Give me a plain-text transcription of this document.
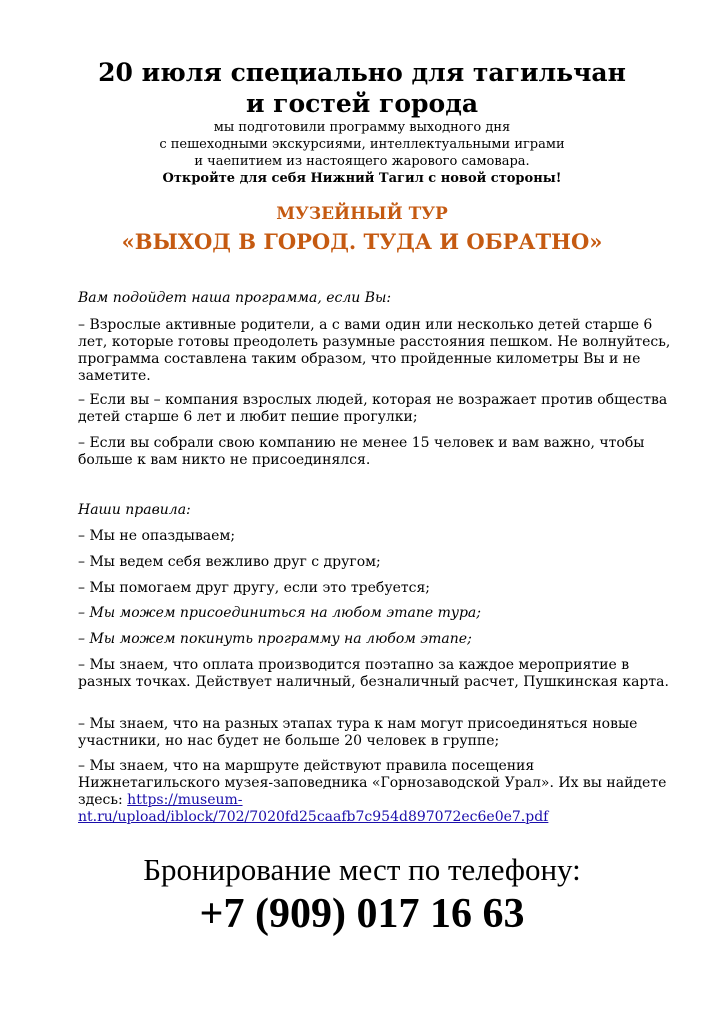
20 июля специально для тагильчан
и гостей города
мы подготовили программу выходного дня
с пешеходными экскурсиями, интеллектуальными играми
и чаепитием из настоящего жарового самовара.
Откройте для себя Нижний Тагил с новой стороны!
МУЗЕЙНЫЙ ТУР
«ВЫХОД В ГОРОД. ТУДА И ОБРАТНО»
Вам подойдет наша программа, если Вы:
– Взрослые активные родители, а с вами один или несколько детей старше 6 лет, которые готовы преодолеть разумные расстояния пешком. Не волнуйтесь, программа составлена таким образом, что пройденные километры Вы и не заметите.
– Если вы – компания взрослых людей, которая не возражает против общества детей старше 6 лет и любит пешие прогулки;
– Если вы собрали свою компанию не менее 15 человек и вам важно, чтобы больше к вам никто не присоединялся.
Наши правила:
– Мы не опаздываем;
– Мы ведем себя вежливо друг с другом;
– Мы помогаем друг другу, если это требуется;
– Мы можем присоединиться на любом этапе тура;
– Мы можем покинуть программу на любом этапе;
– Мы знаем, что оплата производится поэтапно за каждое мероприятие в разных точках. Действует наличный, безналичный расчет, Пушкинская карта.
– Мы знаем, что на разных этапах тура к нам могут присоединяться новые участники, но нас будет не больше 20 человек в группе;
– Мы знаем, что на маршруте действуют правила посещения Нижнетагильского музея-заповедника «Горнозаводской Урал». Их вы найдете здесь: https://museum-nt.ru/upload/iblock/702/7020fd25caafb7c954d897072ec6e0e7.pdf
Бронирование мест по телефону:
+7 (909) 017 16 63
